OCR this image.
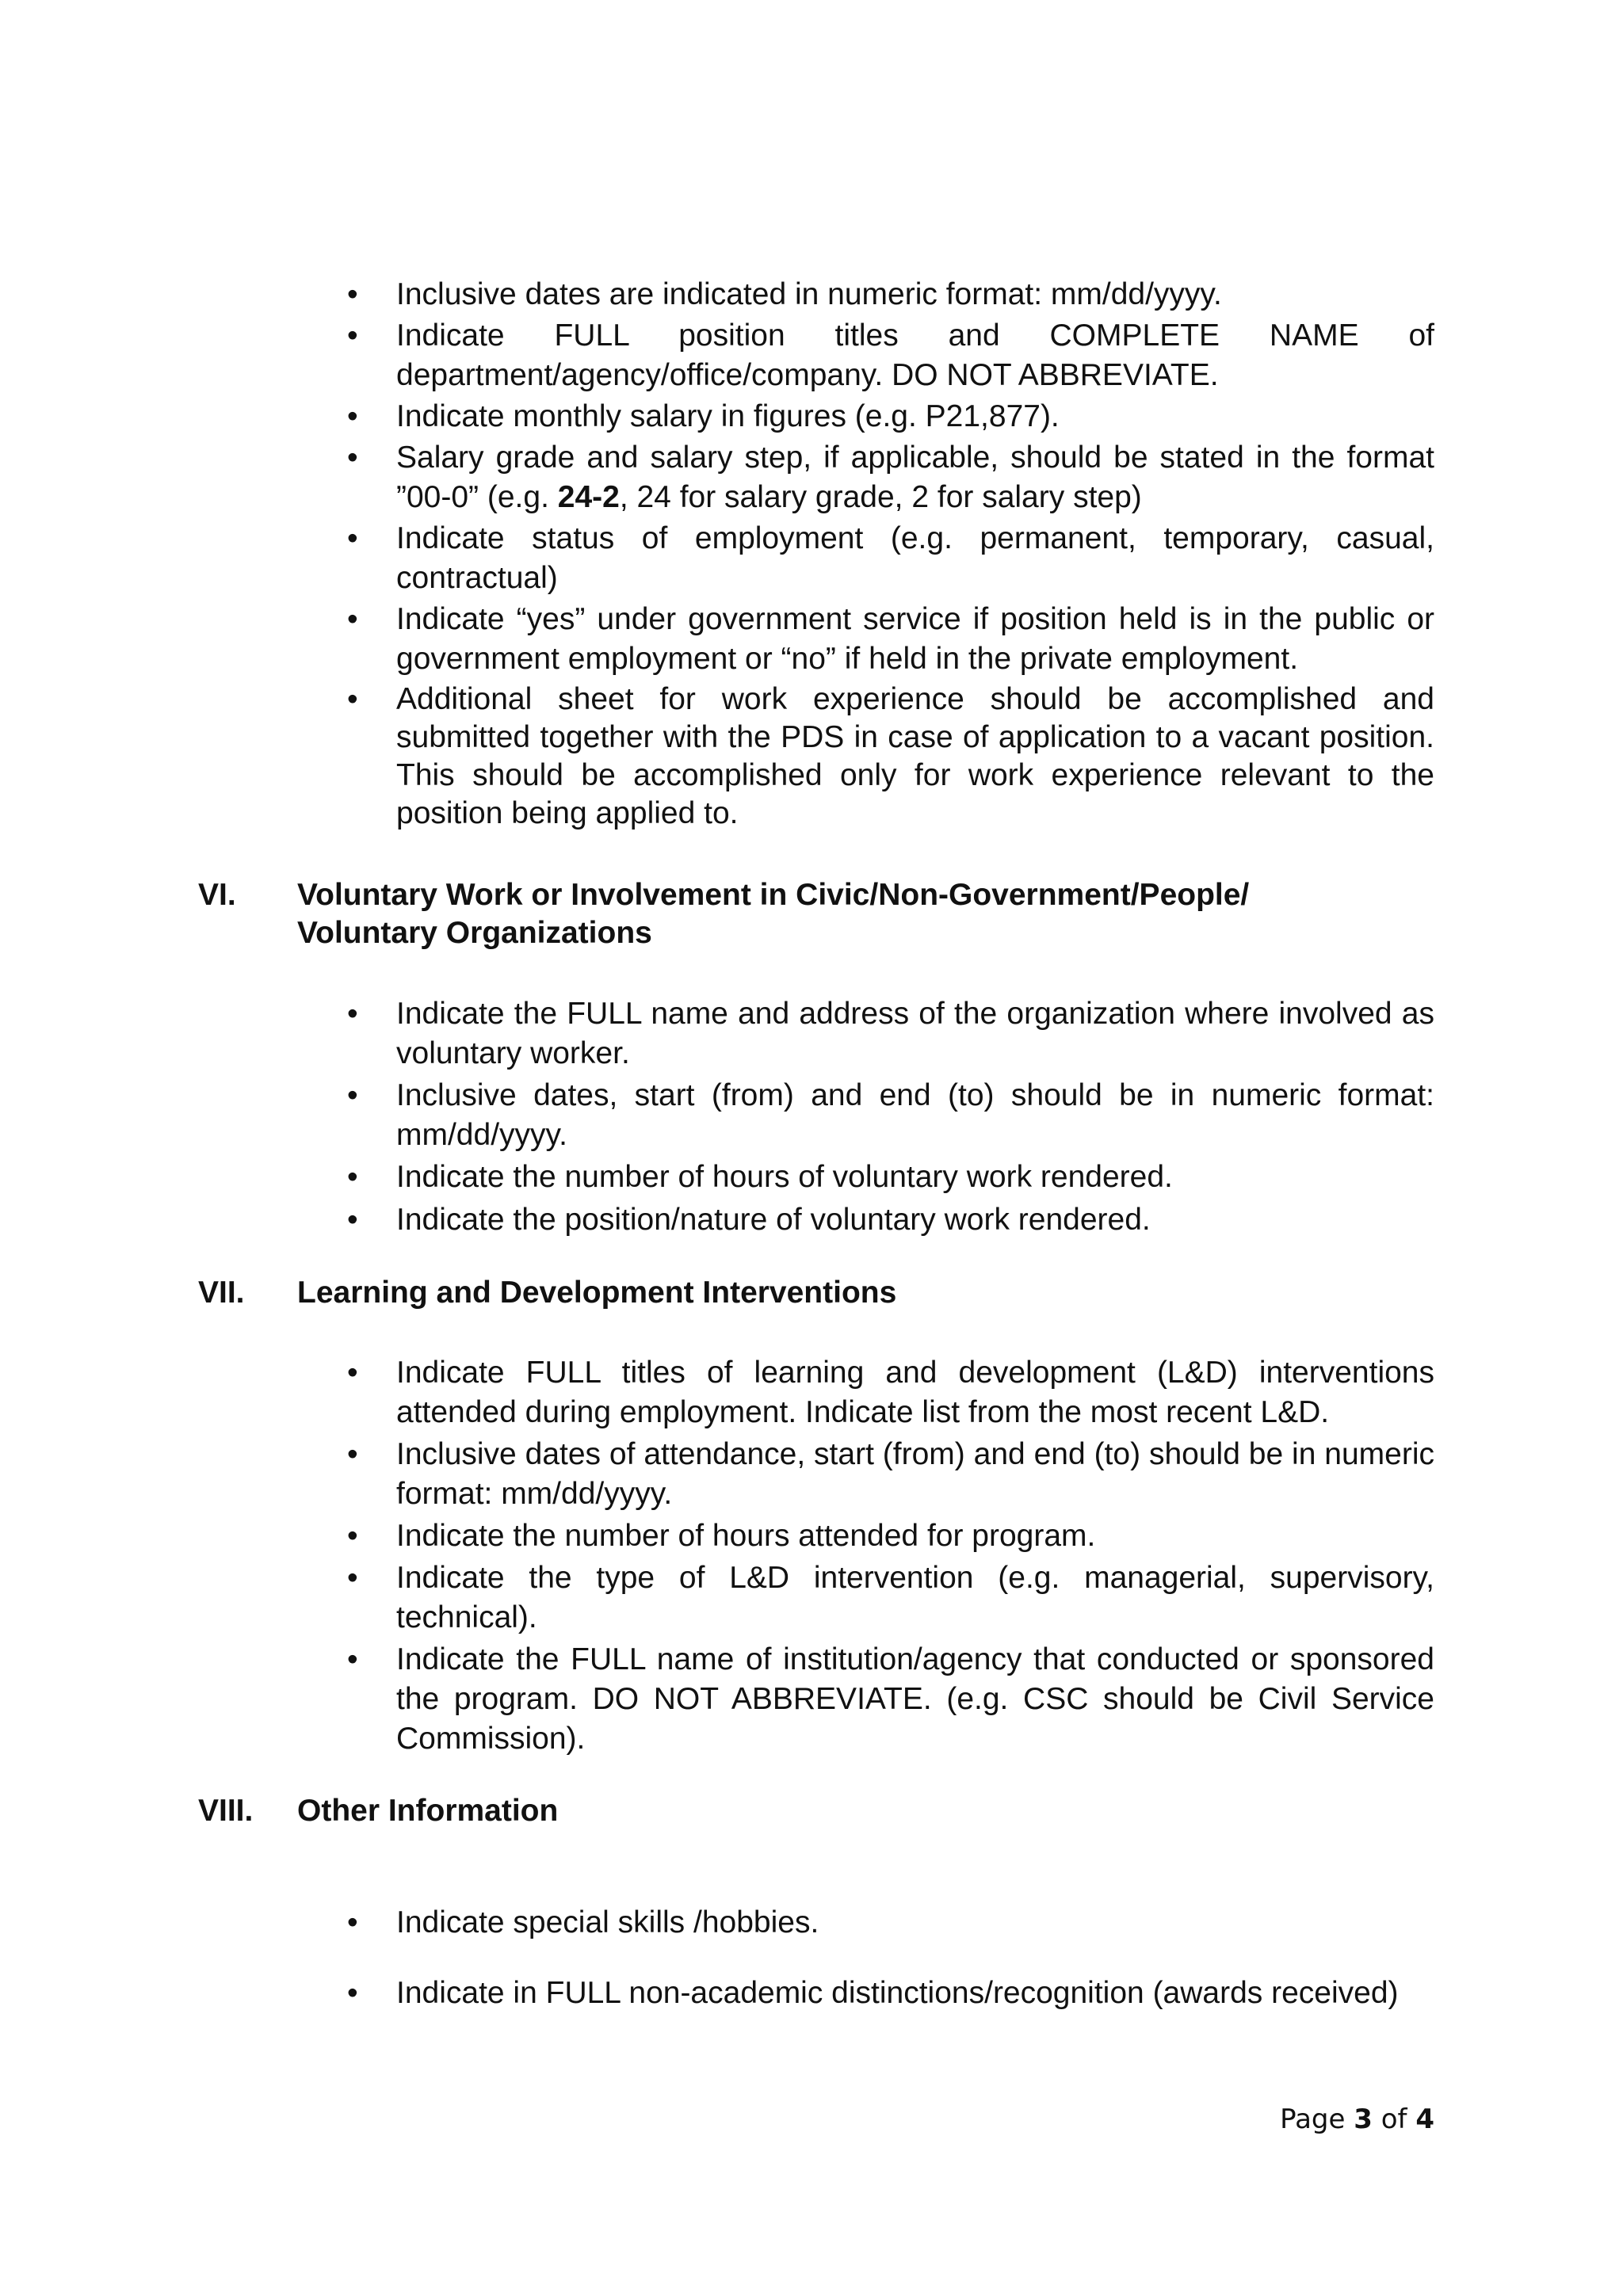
• Inclusive dates are indicated in numeric format: mm/dd/yyyy.
• Indicate FULL position titles and COMPLETE NAME of department/agency/office/company. DO NOT ABBREVIATE.
• Indicate monthly salary in figures (e.g. P21,877).
• Salary grade and salary step, if applicable, should be stated in the format ”00-0” (e.g. 24-2, 24 for salary grade, 2 for salary step)
• Indicate status of employment (e.g. permanent, temporary, casual, contractual)
• Indicate “yes” under government service if position held is in the public or government employment or “no” if held in the private employment.
• Additional sheet for work experience should be accomplished and submitted together with the PDS in case of application to a vacant position. This should be accomplished only for work experience relevant to the position being applied to.
VI. Voluntary Work or Involvement in Civic/Non-Government/People/
Voluntary Organizations
• Indicate the FULL name and address of the organization where involved as voluntary worker.
• Inclusive dates, start (from) and end (to) should be in numeric format: mm/dd/yyyy.
• Indicate the number of hours of voluntary work rendered.
• Indicate the position/nature of voluntary work rendered.
VII. Learning and Development Interventions
• Indicate FULL titles of learning and development (L&D) interventions attended during employment. Indicate list from the most recent L&D.
• Inclusive dates of attendance, start (from) and end (to) should be in numeric format: mm/dd/yyyy.
• Indicate the number of hours attended for program.
• Indicate the type of L&D intervention (e.g. managerial, supervisory, technical).
• Indicate the FULL name of institution/agency that conducted or sponsored the program. DO NOT ABBREVIATE. (e.g. CSC should be Civil Service Commission).
VIII. Other Information
• Indicate special skills /hobbies.
• Indicate in FULL non-academic distinctions/recognition (awards received)
Page 3 of 4
